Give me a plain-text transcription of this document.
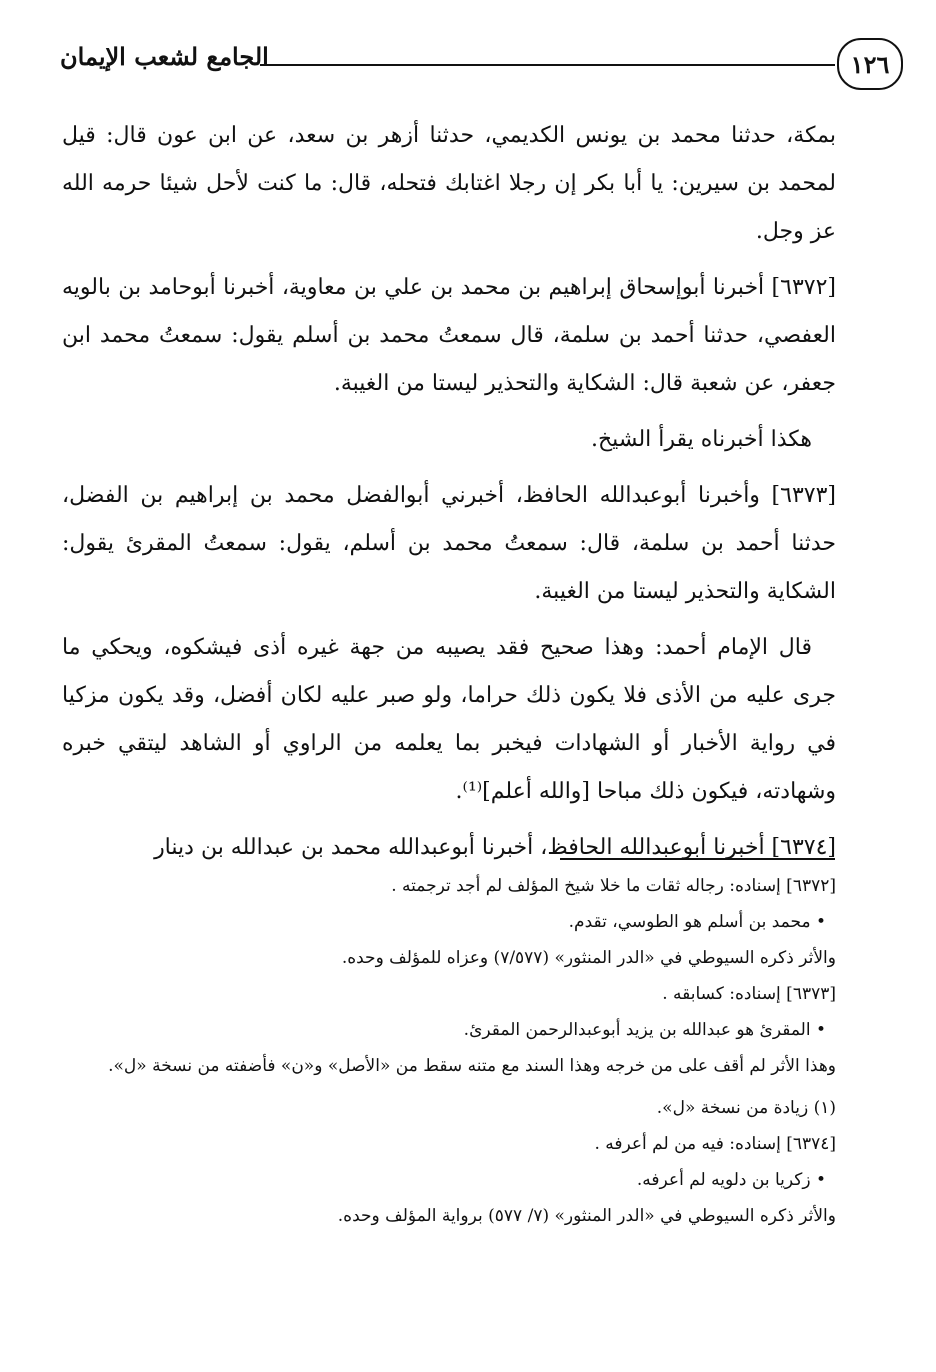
الجامع لشعب الإيمان	١٢٦

بمكة، حدثنا محمد بن يونس الكديمي، حدثنا أزهر بن سعد، عن ابن عون قال: قيل لمحمد بن سيرين: يا أبا بكر إن رجلا اغتابك فتحله، قال: ما كنت لأحل شيئا حرمه الله عز وجل.

[٦٣٧٢] أخبرنا أبوإسحاق إبراهيم بن محمد بن علي بن معاوية، أخبرنا أبوحامد بن بالويه العفصي، حدثنا أحمد بن سلمة، قال سمعتُ محمد بن أسلم يقول: سمعتُ محمد ابن جعفر، عن شعبة قال: الشكاية والتحذير ليستا من الغيبة.

هكذا أخبرناه يقرأ الشيخ.

[٦٣٧٣] وأخبرنا أبوعبدالله الحافظ، أخبرني أبوالفضل محمد بن إبراهيم بن الفضل، حدثنا أحمد بن سلمة، قال: سمعتُ محمد بن أسلم، يقول: سمعتُ المقرئ يقول: الشكاية والتحذير ليستا من الغيبة.

قال الإمام أحمد: وهذا صحيح فقد يصيبه من جهة غيره أذى فيشكوه، ويحكي ما جرى عليه من الأذى فلا يكون ذلك حراما، ولو صبر عليه لكان أفضل، وقد يكون مزكيا في رواية الأخبار أو الشهادات فيخبر بما يعلمه من الراوي أو الشاهد ليتقي خبره وشهادته، فيكون ذلك مباحا [والله أعلم]⁽¹⁾.

[٦٣٧٤] أخبرنا أبوعبدالله الحافظ، أخبرنا أبوعبدالله محمد بن عبدالله بن دينار

[٦٣٧٢] إسناده: رجاله ثقات ما خلا شيخ المؤلف لم أجد ترجمته .

• محمد بن أسلم هو الطوسي، تقدم.

والأثر ذكره السيوطي في «الدر المنثور» (٧/٥٧٧) وعزاه للمؤلف وحده.

[٦٣٧٣] إسناده: كسابقه .

• المقرئ هو عبدالله بن يزيد أبوعبدالرحمن المقرئ.

وهذا الأثر لم أقف على من خرجه وهذا السند مع متنه سقط من «الأصل» و«ن» فأضفته من نسخة «ل».

(١) زيادة من نسخة «ل».

[٦٣٧٤] إسناده: فيه من لم أعرفه .

• زكريا بن دلويه لم أعرفه.

والأثر ذكره السيوطي في «الدر المنثور» (٧/ ٥٧٧) برواية المؤلف وحده.
